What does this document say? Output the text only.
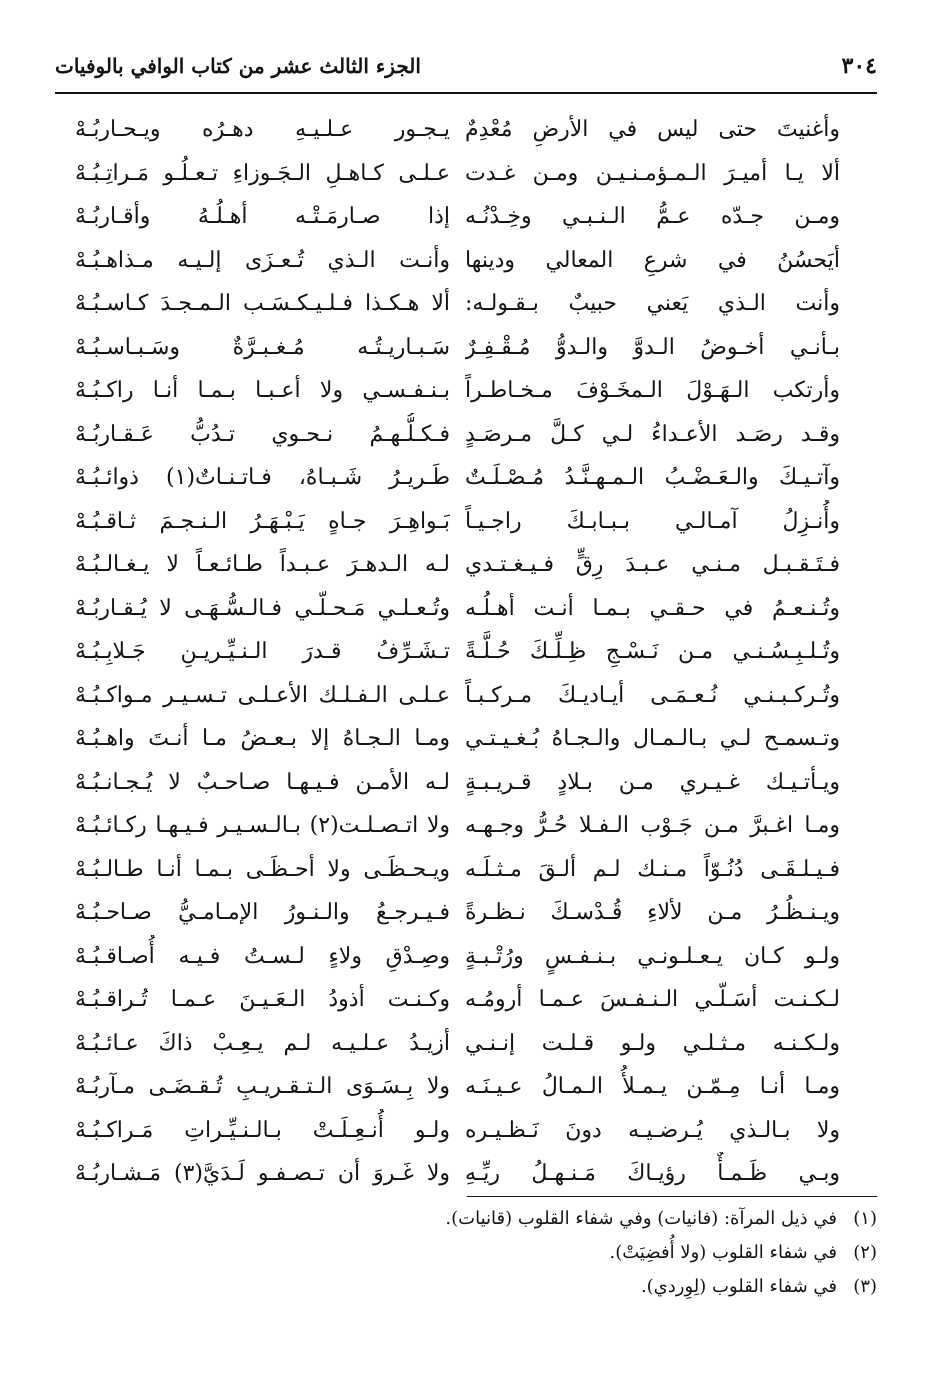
٣٠٤
الجزء الثالث عشر من كتاب الوافي بالوفيات
وأغنيتَ حتى ليس في الأرضِ مُعْدِمٌ
ألا يـا أميـرَ الـمـؤمـنـيـن ومـن غـدت
ومـن جـدّه عـمُّ الـنـبـي وخِـدْنُـه
أيَحسُنُ في شرعِ المعالي ودينها
وأنت الـذي يَعني حبيبٌ بـقـولـه:
بـأنـي أخـوضُ الـدوَّ والـدوُّ مُـقْـفِـرٌ
وأرتكب الـهَـوْلَ الـمخَـوْفَ مـخـاطـراً
وقـد رصَـد الأعـداءُ لـي كـلَّ مـرصَـدٍ
وآتـيـكَ والـعَـضْـبُ الـمـهـنَّـدُ مُـصْـلَـتٌ
وأُنـزِلُ آمـالـي بـبـابـكَ راجـيـاً
فـتَـقـبـل مـنـي عـبـدَ رِقٍّ فـيـغـتـدي
وتُـنـعـمُ في حـقـي بـمـا أنـت أهـلُـه
وتُـلـبِـسُـنـي مـن نَـسْـجِ ظِـلِّـكَ حُـلَّـةً
وتُـركـبـنـي نُـعـمَـى أيـاديـكَ مـركـبـاً
وتـسمـح لـي بـالـمـال والـجـاهُ بُـغـيـتـي
ويـأتـيـك غـيـري مـن بـلادٍ قـريـبـةٍ
ومـا اغـبرَّ مـن جَـوْب الـفـلا حُـرُّ وجـهـه
فـيـلـقَـى دُنُـوّاً مـنـك لـم ألـقَ مـثـلَـه
ويـنـظُـرُ مـن لألاءِ قُـدْسـكَ نـظـرةً
ولـو كـان يـعـلـونـي بـنـفـسٍ ورُتْـبـةٍ
لـكـنـت أسَـلّـي الـنـفـسَ عـمـا أرومُـه
ولـكـنـه مـثـلـي ولـو قـلـت إنـنـي
ومـا أنـا مِـمّـن يـمـلأُ الـمـالُ عـيـنَـه
ولا بـالـذي يُـرضـيـه دونَ نَـظـيـره
وبـي ظَـمـأٌ رؤيـاكَ مَـنـهـلُ ريِّـهِ
يـجـور عـلـيـهِ دهـرُه ويـحـاربُـهْ
عـلـى كـاهـلِ الـجَـوزاءِ تـعـلُـو مَـراتِـبُـهْ
إذا صـارمَـتْـه أهـلُـهُ وأقـاربُـهْ
وأنـت الـذي تُـعـزَى إلـيـه مـذاهـبُـهْ
ألا هـكـذا فـلـيـكـسَـب الـمـجـدَ كـاسـبُـهْ
سَـبـاريـتُـه مُـغـبـرَّةٌ وسَـبـاسـبُـهْ
بـنـفـسـي ولا أعـبـا بـمـا أنـا راكـبُـهْ
فـكـلُّـهـمُ نـحـوي تـدُبُّ عَـقـاربُـهْ
طَـريـرُ شَـبـاهُ، فـاتـنـاتٌ(١) ذوائـبُـهْ
بَـواهِـرَ جـاهٍ يَـبْـهَـرُ الـنـجـمَ ثـاقـبُـهْ
لـه الـدهـرَ عـبـداً طـائـعـاً لا يـغـالـبُـهْ
وتُـعـلـي مَـحـلّـي فـالـسُّـهَـى لا يُـقـاربُـهْ
تـشَـرِّفُ قـدرَ الـنـيِّـريـنِ جَـلابِـبُـهْ
عـلـى الـفـلـك الأعـلـى تـسـيـر مـواكـبُـهْ
ومـا الـجـاهُ إلا بـعـضُ مـا أنـتَ واهـبُـهْ
لـه الأمـن فـيـهـا صـاحـبٌ لا يُـجـانـبُـهْ
ولا اتـصـلـت(٢) بـالـسـيـر فـيـهـا ركـائـبُـهْ
ويـحـظَـى ولا أحـظَـى بـمـا أنـا طـالـبُـهْ
فـيـرجـعُ والـنـورُ الإمـامـيُّ صـاحـبُـهْ
وصِـدْقِ ولاءٍ لـسـتُ فـيـه أُصـاقـبُـهْ
وكـنـت أذودُ الـعَـيـنَ عـمـا تُـراقـبُـهْ
أزيـدُ عـلـيـه لـم يـعِـبْ ذاكَ عـائـبُـهْ
ولا بِـسَـوَى الـتـقـريـبِ تُـقـضَـى مـآربُـهْ
ولـو أُنـعِـلَـتْ بـالـنـيِّـراتِ مَـراكـبُـهْ
ولا غَـروَ أن تـصـفـو لَـدَيَّ(٣) مَـشـاربُـهْ
(١)
في ذيل المرآة: (فانيات) وفي شفاء القلوب (قانيات).
(٢)
في شفاء القلوب (ولا أُفضِيَتْ).
(٣)
في شفاء القلوب (لِوِردي).
